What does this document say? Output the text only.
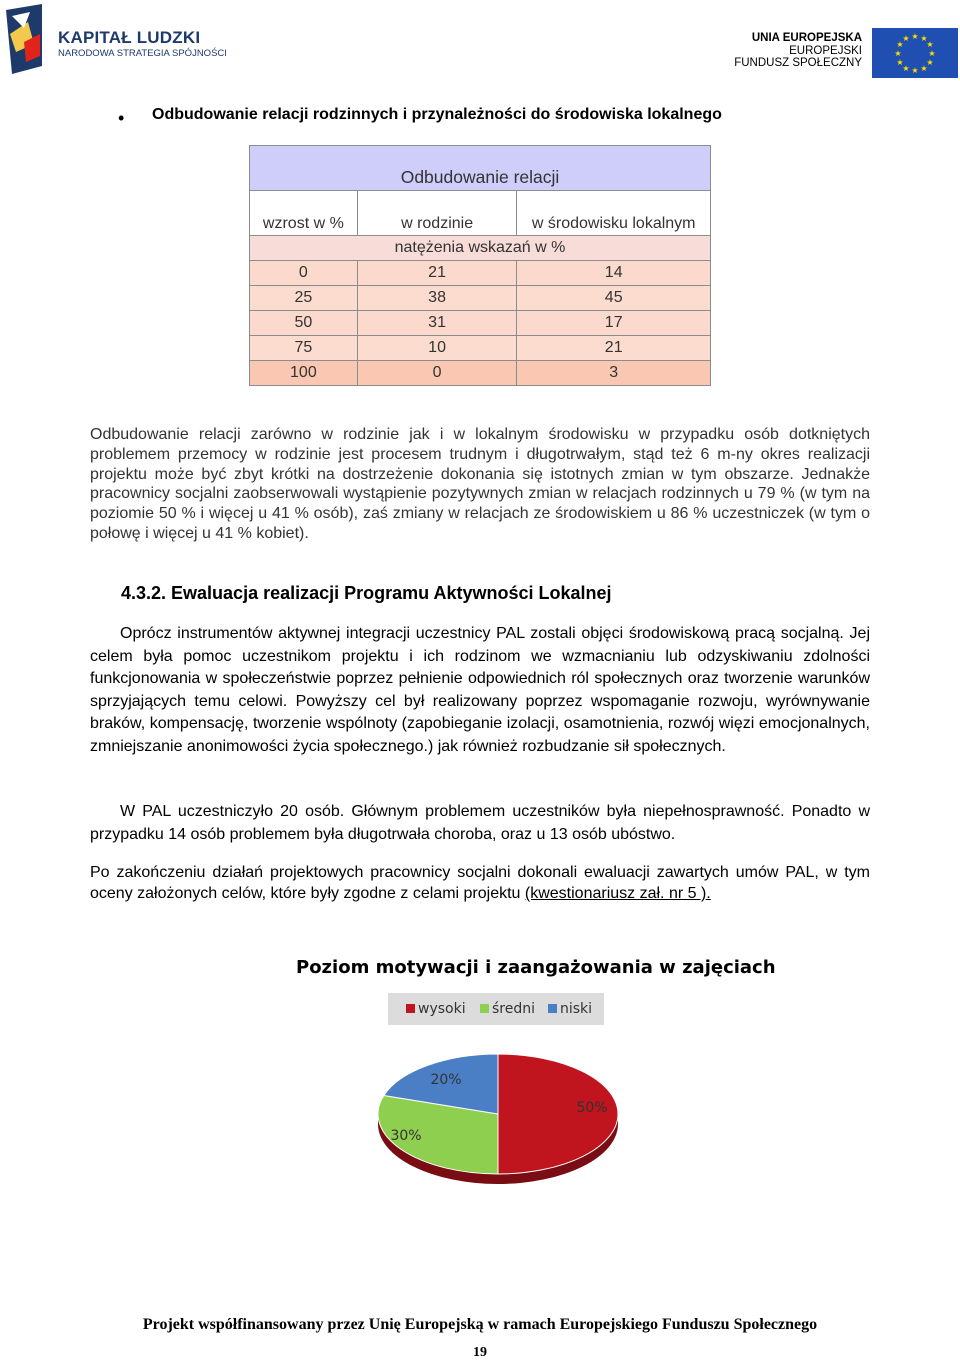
KAPITAŁ LUDZKI
NARODOWA STRATEGIA SPÓJNOŚCI
UNIA EUROPEJSKA
EUROPEJSKI
FUNDUSZ SPOŁECZNY
★ ★
★
★
★
★
★
★
★
★
★
★
• Odbudowanie relacji rodzinnych i przynależności do środowiska lokalnego
Odbudowanie relacji		
wzrost w %	w rodzinie	w środowisku lokalnym
natężenia wskazań w %		
0	21	14
25	38	45
50	31	17
75	10	21
100	0	3

Odbudowanie relacji zarówno w rodzinie jak i w lokalnym środowisku w przypadku osób dotkniętych problemem przemocy w rodzinie jest procesem trudnym i długotrwałym, stąd też 6 m-ny okres realizacji projektu może być zbyt krótki na dostrzeżenie dokonania się istotnych zmian w tym obszarze. Jednakże pracownicy socjalni zaobserwowali wystąpienie pozytywnych zmian w relacjach rodzinnych u 79 % (w tym na poziomie 50 % i więcej u 41 % osób), zaś zmiany w relacjach ze środowiskiem u 86 % uczestniczek (w tym o połowę i więcej u 41 % kobiet).

4.3.2. Ewaluacja realizacji Programu Aktywności Lokalnej

Oprócz instrumentów aktywnej integracji uczestnicy PAL zostali objęci środowiskową pracą socjalną. Jej celem była pomoc uczestnikom projektu i ich rodzinom we wzmacnianiu lub odzyskiwaniu zdolności funkcjonowania w społeczeństwie poprzez pełnienie odpowiednich ról społecznych oraz tworzenie warunków sprzyjających temu celowi. Powyższy cel był realizowany poprzez wspomaganie rozwoju, wyrównywanie braków, kompensację, tworzenie wspólnoty (zapobieganie izolacji, osamotnienia, rozwój więzi emocjonalnych, zmniejszanie anonimowości życia społecznego.) jak również rozbudzanie sił społecznych.

W PAL uczestniczyło 20 osób. Głównym problemem uczestników była niepełnosprawność. Ponadto w przypadku 14 osób problemem była długotrwała choroba, oraz u 13 osób ubóstwo.

Po zakończeniu działań projektowych pracownicy socjalni dokonali ewaluacji zawartych umów PAL, w tym oceny założonych celów, które były zgodne z celami projektu (kwestionariusz zał. nr 5 ).

Poziom motywacji i zaangażowania w zajęciach
wysoki średni niski
50%
30%
20%
Projekt współfinansowany przez Unię Europejską w ramach Europejskiego Funduszu Społecznego
19
